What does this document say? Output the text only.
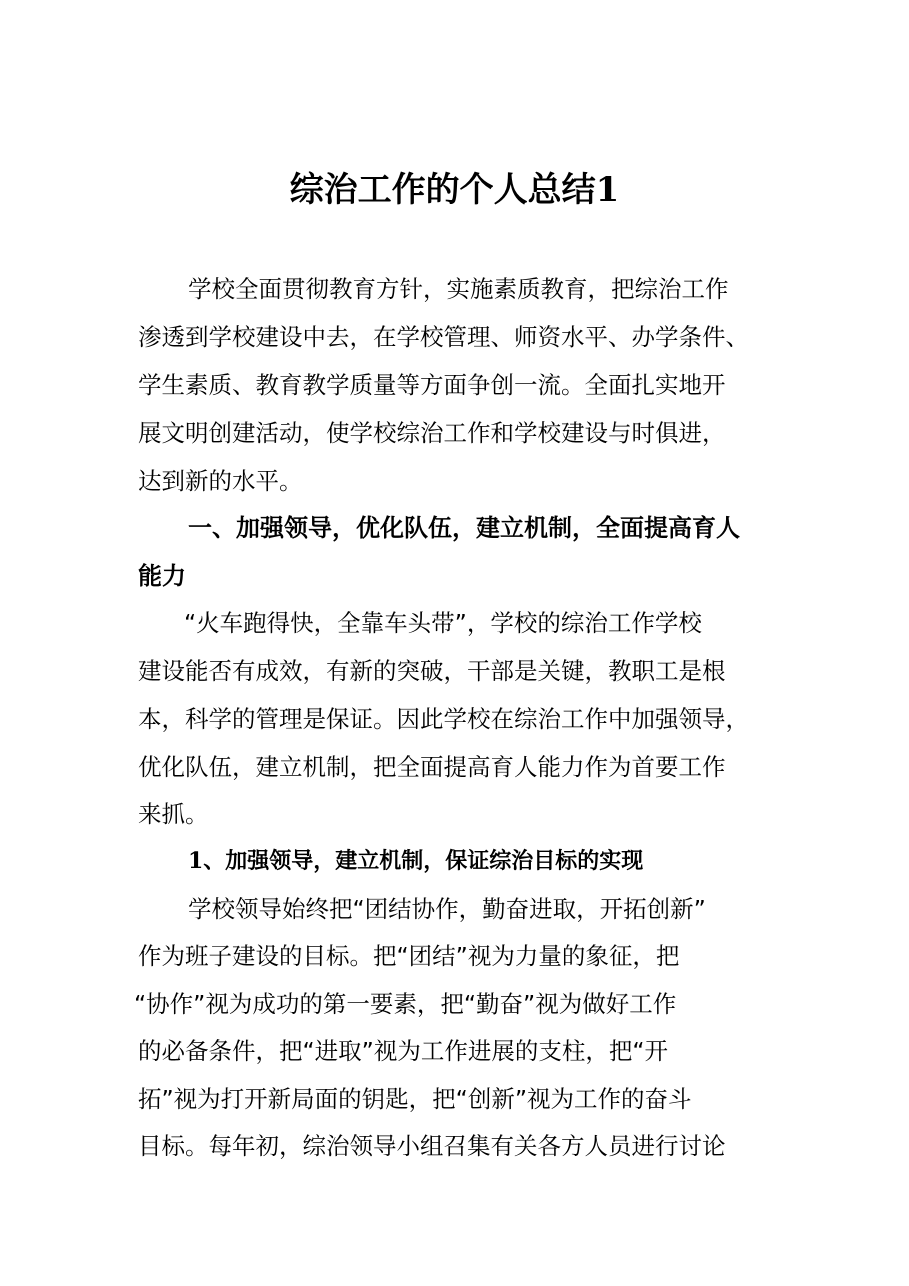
综治工作的个人总结1
学校全面贯彻教育方针，实施素质教育，把综治工作
渗透到学校建设中去，在学校管理、师资水平、办学条件、
学生素质、教育教学质量等方面争创一流。全面扎实地开
展文明创建活动，使学校综治工作和学校建设与时俱进，
达到新的水平。
一、加强领导，优化队伍，建立机制，全面提高育人
能力
“火车跑得快，全靠车头带”，学校的综治工作学校
建设能否有成效，有新的突破，干部是关键，教职工是根
本，科学的管理是保证。因此学校在综治工作中加强领导，
优化队伍，建立机制，把全面提高育人能力作为首要工作
来抓。
1、加强领导，建立机制，保证综治目标的实现
学校领导始终把“团结协作，勤奋进取，开拓创新”
作为班子建设的目标。把“团结”视为力量的象征，把
“协作”视为成功的第一要素，把“勤奋”视为做好工作
的必备条件，把“进取”视为工作进展的支柱，把“开
拓”视为打开新局面的钥匙，把“创新”视为工作的奋斗
目标。每年初，综治领导小组召集有关各方人员进行讨论
